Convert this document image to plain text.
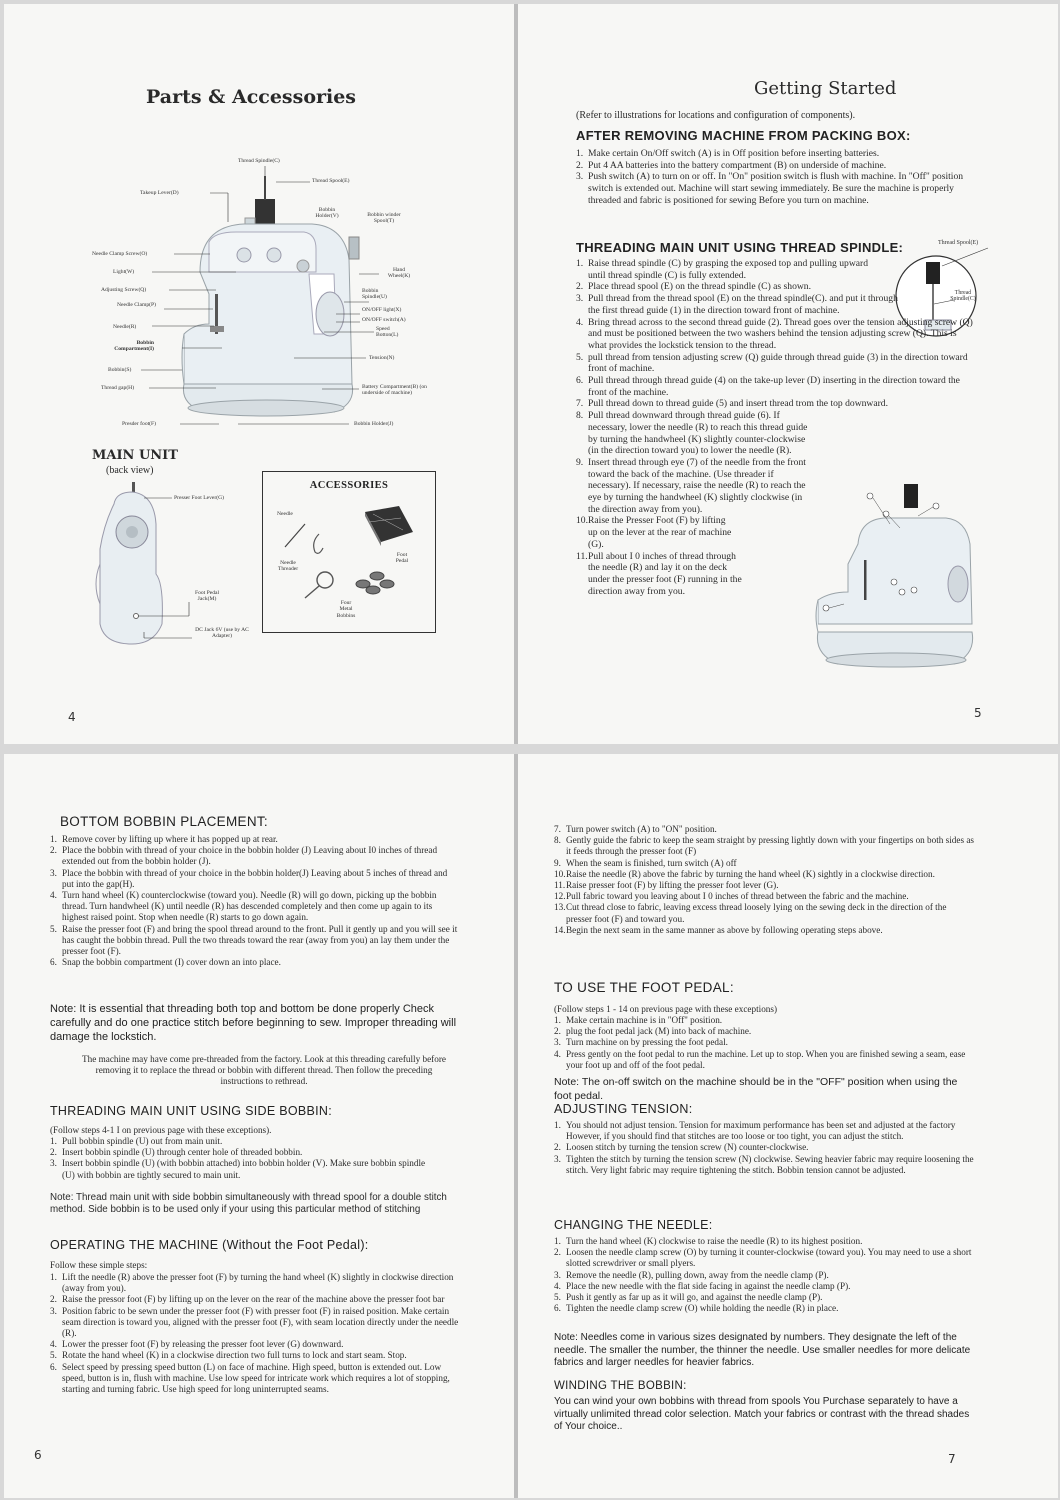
Parts & Accessories
Thread Spindle(C)
Thread Spool(E)
Takeup Lever(D)
Bobbin Holder(V)	Bobbin winder Spool(T)
Needle Clamp Screw(O)
Light(W)	Hand Wheel(K)
Adjusting Screw(Q)	Bobbin Spindle(U)
Needle Clamp(P)
ON/OFF light(X)
ON/OFF switch(A)
Needle(R)	Speed Botton(L)
Bobbin Compartment(I)
Tension(N)
Bobbin(S)
Thread gap(H)	Battery Compartment(B) (on underside of machine)
Presder foot(F)	Bobbin Holder(J)
MAIN UNIT
(back view)
Presser Foot Lever(G)
Foot Pedal Jack(M)
DC Jack 6V (use by AC Adapter)
ACCESSORIES
Needle
Foot Pedal
Needle Threader
Four Metal Bobbins
4
Getting Started
(Refer to illustrations for locations and configuration of components).
AFTER REMOVING MACHINE FROM PACKING BOX:
1. Make certain On/Off switch (A) is in Off position before inserting batteries.
2. Put 4 AA batteries into the battery compartment (B) on underside of machine.
3. Push switch (A) to turn on or off. In "On" position switch is flush with machine. In "Off" position switch is extended out. Machine will start sewing immediately. Be sure the machine is properly threaded and fabric is positioned for sewing Before you turn on machine.
THREADING MAIN UNIT USING THREAD SPINDLE:	Thread Spool(E)
Thread Spindle(C)
1. Raise thread spindle (C) by grasping the exposed top and pulling upward until thread spindle (C) is fully extended.
2. Place thread spool (E) on the thread spindle (C) as shown.
3. Pull thread from the thread spool (E) on the thread spindle(C). and put it through the first thread guide (1) in the direction toward front of machine.
4. Bring thread across to the second thread guide (2). Thread goes over the tension adjusting screw (Q) and must be positioned between the two washers behind the tension adjusting screw (Q). This is what provides the lockstick tension to the thread.
5. pull thread from tension adjusting screw (Q) guide through thread guide (3) in the direction toward front of machine.
6. Pull thread through thread guide (4) on the take-up lever (D) inserting in the direction toward the front of the machine.
7. Pull thread down to thread guide (5) and insert thread trom the top downward.
8. Pull thread downward through thread guide (6). If necessary, lower the needle (R) to reach this thread guide by turning the handwheel (K) slightly counter-clockwise (in the direction toward you) to lower the needle (R).
9. Insert thread through eye (7) of the needle from the front toward the back of the machine. (Use threader if necessary). If necessary, raise the needle (R) to reach the eye by turning the handwheel (K) slightly clockwise (in the direction away from you).
10. Raise the Presser Foot (F) by lifting up on the lever at the rear of machine (G).
11. Pull about I 0 inches of thread through the needle (R) and lay it on the deck under the presser foot (F) running in the direction away from you.
5
BOTTOM BOBBIN PLACEMENT:
1. Remove cover by lifting up where it has popped up at rear.
2. Place the bobbin with thread of your choice in the bobbin holder (J) Leaving about I0 inches of thread extended out from the bobbin holder (J).
3. Place the bobbin with thread of your choice in the bobbin holder(J) Leaving about 5 inches of thread and put into the gap(H).
4. Turn hand wheel (K) counterclockwise (toward you). Needle (R) will go down, picking up the bobbin thread. Turn handwheel (K) until needle (R) has descended completely and then come up again to its highest raised point. Stop when needle (R) starts to go down again.
5. Raise the presser foot (F) and bring the spool thread around to the front. Pull it gently up and you will see it has caught the bobbin thread. Pull the two threads toward the rear (away from you) an lay them under the presser foot (F).
6. Snap the bobbin compartment (I) cover down an into place.
Note: It is essential that threading both top and bottom be done properly Check carefully and do one practice stitch before beginning to sew. Improper threading will damage the lockstich.
The machine may have come pre-threaded from the factory. Look at this threading carefully before removing it to replace the thread or bobbin with different thread. Then follow the preceding instructions to rethread.
THREADING MAIN UNIT USING SIDE BOBBIN:
(Follow steps 4-1 I on previous page with these exceptions).
1. Pull bobbin spindle (U) out from main unit.
2. Insert bobbin spindle (U) through center hole of threaded bobbin.
3. Insert bobbin spindle (U) (with bobbin attached) into bobbin holder (V). Make sure bobbin spindle (U) with bobbin are tightly secured to main unit.
Note: Thread main unit with side bobbin simultaneously with thread spool for a double stitch method. Side bobbin is to be used only if your using this particular method of stitching
OPERATING THE MACHINE (Without the Foot Pedal):
Follow these simple steps:
1. Lift the needle (R) above the presser foot (F) by turning the hand wheel (K) slightly in clockwise direction (away from you).
2. Raise the pressor foot (F) by lifting up on the lever on the rear of the machine above the presser foot bar
3. Position fabric to be sewn under the presser foot (F) with presser foot (F) in raised position. Make certain seam direction is toward you, aligned with the presser foot (F), with seam location directly under the needle (R).
4. Lower the presser foot (F) by releasing the presser foot lever (G) downward.
5. Rotate the hand wheel (K) in a clockwise direction two full turns to lock and start seam. Stop.
6. Select speed by pressing speed button (L) on face of machine. High speed, button is extended out. Low speed, button is in, flush with machine. Use low speed for intricate work which requires a lot of stopping, starting and turning fabric. Use high speed for long uninterrupted seams.
6
7. Turn power switch (A) to "ON" position.
8. Gently guide the fabric to keep the seam straight by pressing lightly down with your fingertips on both sides as it feeds through the presser foot (F)
9. When the seam is finished, turn switch (A) off
10. Raise the needle (R) above the fabric by turning the hand wheel (K) sightly in a clockwise direction.
11. Raise presser foot (F) by lifting the presser foot lever (G).
12. Pull fabric toward you leaving about I 0 inches of thread between the fabric and the machine.
13. Cut thread close to fabric, leaving excess thread loosely lying on the sewing deck in the direction of the presser foot (F) and toward you.
14. Begin the next seam in the same manner as above by following operating steps above.
TO USE THE FOOT PEDAL:
(Follow steps 1 - 14 on previous page with these exceptions)
1. Make certain machine is in "Off" position.
2. plug the foot pedal jack (M) into back of machine.
3. Turn machine on by pressing the foot pedal.
4. Press gently on the foot pedal to run the machine. Let up to stop. When you are finished sewing a seam, ease your foot up and off of the foot pedal.
Note: The on-off switch on the machine should be in the "OFF" position when using the foot pedal.
ADJUSTING TENSION:
1. You should not adjust tension. Tension for maximum performance has been set and adjusted at the factory However, if you should find that stitches are too loose or too tight, you can adjust the stitch.
2. Loosen stitch by turning the tension screw (N) counter-clockwise.
3. Tighten the stitch by turning the tension screw (N) clockwise. Sewing heavier fabric may require loosening the stitch. Very light fabric may require tightening the stitch. Bobbin tension cannot be adjusted.
CHANGING THE NEEDLE:
1. Turn the hand wheel (K) clockwise to raise the needle (R) to its highest position.
2. Loosen the needle clamp screw (O) by turning it counter-clockwise (toward you). You may need to use a short slotted screwdriver or small plyers.
3. Remove the needle (R), pulling down, away from the needle clamp (P).
4. Place the new needle with the flat side facing in against the needle clamp (P).
5. Push it gently as far up as it will go, and against the needle clamp (P).
6. Tighten the needle clamp screw (O) while holding the needle (R) in place.
Note: Needles come in various sizes designated by numbers. They designate the left of the needle. The smaller the number, the thinner the needle. Use smaller needles for more delicate fabrics and larger needles for heavier fabrics.
WINDING THE BOBBIN:
You can wind your own bobbins with thread from spools You Purchase separately to have a virtually unlimited thread color selection. Match your fabrics or contrast with the thread shades of Your choice..
7
